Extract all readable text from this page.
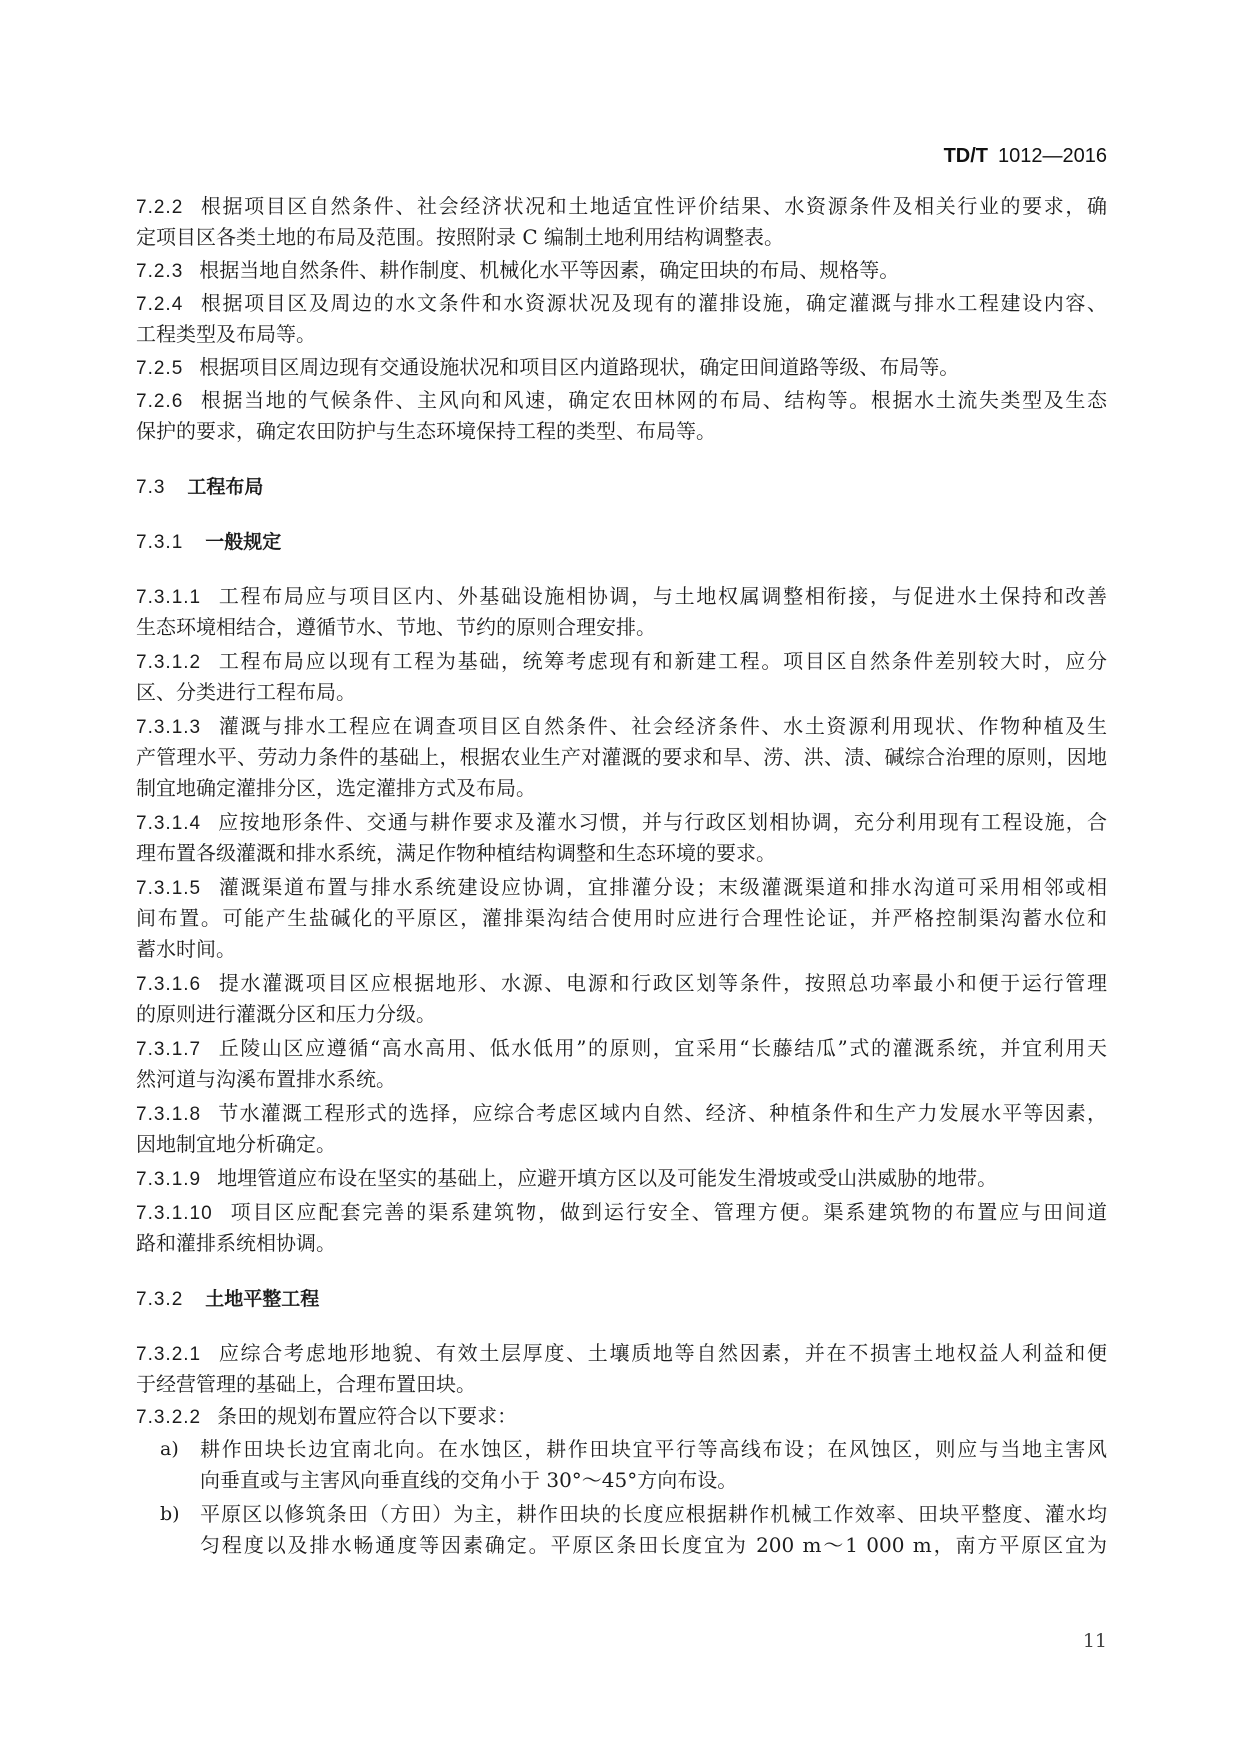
TD/T 1012—2016
7.2.2 根据项目区自然条件、社会经济状况和土地适宜性评价结果、水资源条件及相关行业的要求，确
定项目区各类土地的布局及范围。按照附录 C 编制土地利用结构调整表。
7.2.3 根据当地自然条件、耕作制度、机械化水平等因素，确定田块的布局、规格等。
7.2.4 根据项目区及周边的水文条件和水资源状况及现有的灌排设施，确定灌溉与排水工程建设内容、
工程类型及布局等。
7.2.5 根据项目区周边现有交通设施状况和项目区内道路现状，确定田间道路等级、布局等。
7.2.6 根据当地的气候条件、主风向和风速，确定农田林网的布局、结构等。根据水土流失类型及生态
保护的要求，确定农田防护与生态环境保持工程的类型、布局等。
7.3 工程布局
7.3.1 一般规定
7.3.1.1 工程布局应与项目区内、外基础设施相协调，与土地权属调整相衔接，与促进水土保持和改善
生态环境相结合，遵循节水、节地、节约的原则合理安排。
7.3.1.2 工程布局应以现有工程为基础，统筹考虑现有和新建工程。项目区自然条件差别较大时，应分
区、分类进行工程布局。
7.3.1.3 灌溉与排水工程应在调查项目区自然条件、社会经济条件、水土资源利用现状、作物种植及生
产管理水平、劳动力条件的基础上，根据农业生产对灌溉的要求和旱、涝、洪、渍、碱综合治理的原则，因地
制宜地确定灌排分区，选定灌排方式及布局。
7.3.1.4 应按地形条件、交通与耕作要求及灌水习惯，并与行政区划相协调，充分利用现有工程设施，合
理布置各级灌溉和排水系统，满足作物种植结构调整和生态环境的要求。
7.3.1.5 灌溉渠道布置与排水系统建设应协调，宜排灌分设；末级灌溉渠道和排水沟道可采用相邻或相
间布置。可能产生盐碱化的平原区，灌排渠沟结合使用时应进行合理性论证，并严格控制渠沟蓄水位和
蓄水时间。
7.3.1.6 提水灌溉项目区应根据地形、水源、电源和行政区划等条件，按照总功率最小和便于运行管理
的原则进行灌溉分区和压力分级。
7.3.1.7 丘陵山区应遵循“高水高用、低水低用”的原则，宜采用“长藤结瓜”式的灌溉系统，并宜利用天
然河道与沟溪布置排水系统。
7.3.1.8 节水灌溉工程形式的选择，应综合考虑区域内自然、经济、种植条件和生产力发展水平等因素，
因地制宜地分析确定。
7.3.1.9 地埋管道应布设在坚实的基础上，应避开填方区以及可能发生滑坡或受山洪威胁的地带。
7.3.1.10 项目区应配套完善的渠系建筑物，做到运行安全、管理方便。渠系建筑物的布置应与田间道
路和灌排系统相协调。
7.3.2 土地平整工程
7.3.2.1 应综合考虑地形地貌、有效土层厚度、土壤质地等自然因素，并在不损害土地权益人利益和便
于经营管理的基础上，合理布置田块。
7.3.2.2 条田的规划布置应符合以下要求：
a) 耕作田块长边宜南北向。在水蚀区，耕作田块宜平行等高线布设；在风蚀区，则应与当地主害风
向垂直或与主害风向垂直线的交角小于 30°～45°方向布设。
b) 平原区以修筑条田（方田）为主，耕作田块的长度应根据耕作机械工作效率、田块平整度、灌水均
匀程度以及排水畅通度等因素确定。平原区条田长度宜为 200 m～1 000 m，南方平原区宜为
11
